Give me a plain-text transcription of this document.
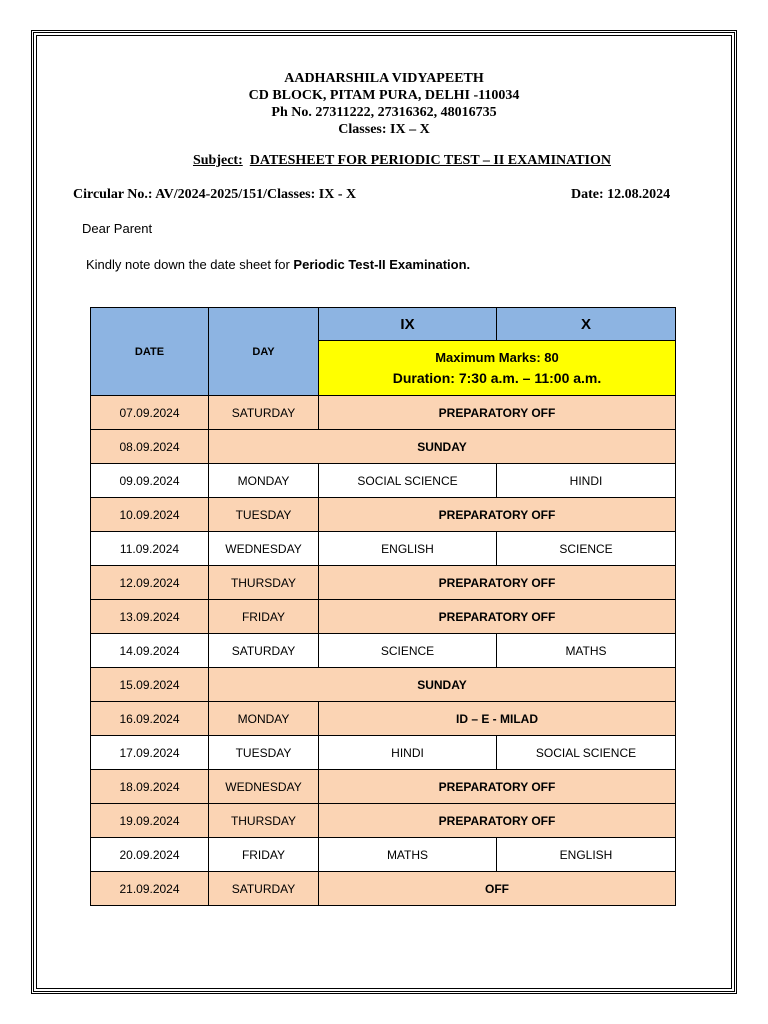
AADHARSHILA VIDYAPEETH
CD BLOCK, PITAM PURA, DELHI -110034
Ph No. 27311222, 27316362, 48016735
Classes: IX – X
Subject: DATESHEET FOR PERIODIC TEST – II EXAMINATION
Circular No.: AV/2024-2025/151/Classes: IX - X	Date: 12.08.2024
Dear Parent
Kindly note down the date sheet for Periodic Test-II Examination.
DATE	DAY	IX	X

		Maximum Marks: 80
Duration: 7:30 a.m. – 11:00 a.m.	

07.09.2024	SATURDAY	PREPARATORY OFF	
08.09.2024	SUNDAY		
09.09.2024	MONDAY	SOCIAL SCIENCE	HINDI
10.09.2024	TUESDAY	PREPARATORY OFF	
11.09.2024	WEDNESDAY	ENGLISH	SCIENCE
12.09.2024	THURSDAY	PREPARATORY OFF	
13.09.2024	FRIDAY	PREPARATORY OFF	
14.09.2024	SATURDAY	SCIENCE	MATHS
15.09.2024	SUNDAY		
16.09.2024	MONDAY	ID – E - MILAD	
17.09.2024	TUESDAY	HINDI	SOCIAL SCIENCE
18.09.2024	WEDNESDAY	PREPARATORY OFF	
19.09.2024	THURSDAY	PREPARATORY OFF	
20.09.2024	FRIDAY	MATHS	ENGLISH
21.09.2024	SATURDAY	OFF	
